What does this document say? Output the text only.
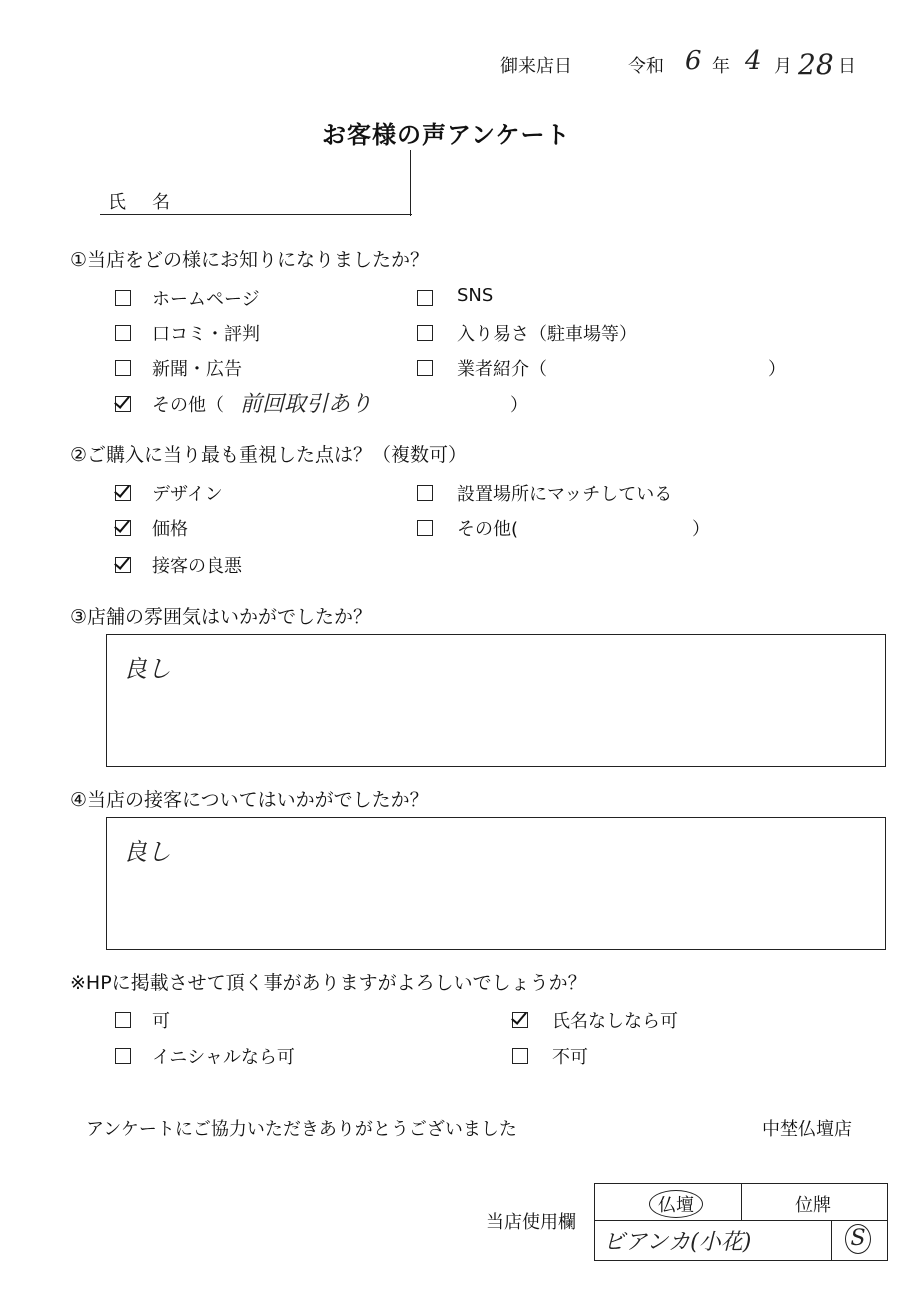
御来店日	令和 6 年 4 月 28 日
お客様の声アンケート
氏　名
①当店をどの様にお知りになりましたか？
ホームページ	SNS
口コミ・評判	入り易さ（駐車場等）
新聞・広告	業者紹介（	）
その他（ 前回取引あり	）
②ご購入に当り最も重視した点は？（複数可）
デザイン	設置場所にマッチしている
価格	その他(	）
接客の良悪
③店舗の雰囲気はいかがでしたか？
良し
④当店の接客についてはいかがでしたか？
良し
※HPに掲載させて頂く事がありますがよろしいでしょうか？
可	氏名なしなら可
イニシャルなら可	不可
アンケートにご協力いただきありがとうございました	中埜仏壇店
当店使用欄
仏壇	位牌
ビアンカ(小花)	S
